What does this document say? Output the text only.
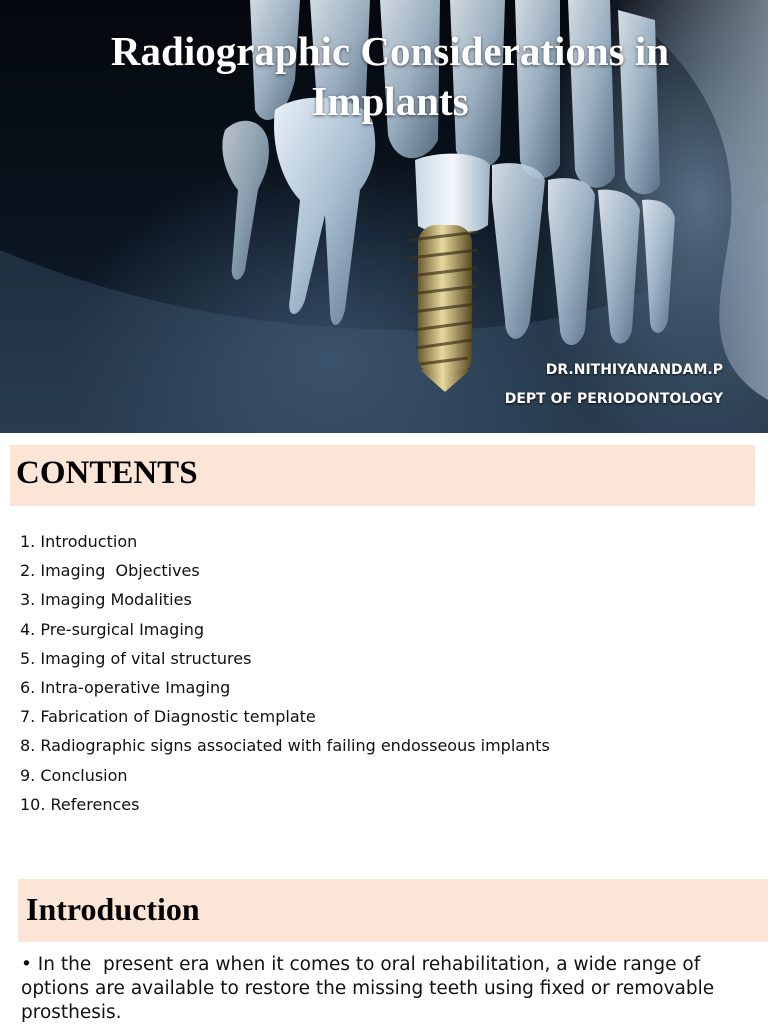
Radiographic Considerations in Implants
DR.NITHIYANANDAM.P
DEPT OF PERIODONTOLOGY
CONTENTS
1. Introduction
2. Imaging  Objectives
3. Imaging Modalities
4. Pre-surgical Imaging
5. Imaging of vital structures
6. Intra-operative Imaging
7. Fabrication of Diagnostic template
8. Radiographic signs associated with failing endosseous implants
9. Conclusion
10. References
Introduction
• In the  present era when it comes to oral rehabilitation, a wide range of options are available to restore the missing teeth using fixed or removable prosthesis.
